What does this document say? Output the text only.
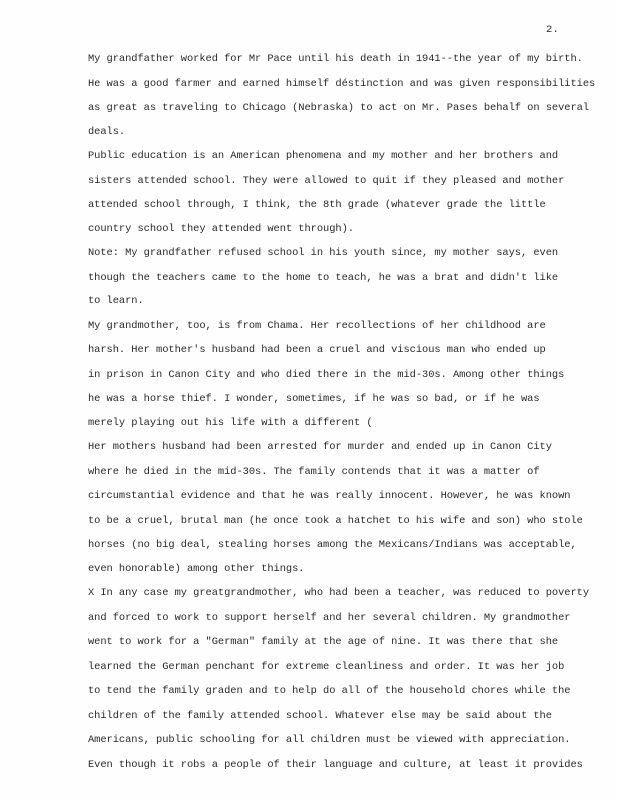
2.
My grandfather worked for Mr Pace until his death in 1941--the year of my birth.
He was a good farmer and earned himself déstinction and was given responsibilities
as great as traveling to Chicago (Nebraska) to act on Mr. Pases behalf on several
deals.
Public education is an American phenomena and my mother and her brothers and
sisters attended school. They were allowed to quit if they pleased and mother
attended school through, I think, the 8th grade (whatever grade the little
country school they attended went through).
Note: My grandfather refused school in his youth since, my mother says, even
though the teachers came to the home to teach, he was a brat and didn't like
to learn.
My grandmother, too, is from Chama. Her recollections of her childhood are
harsh. Her mother's husband had been a cruel and viscious man who ended up
in prison in Canon City and who died there in the mid-30s. Among other things
he was a horse thief. I wonder, sometimes, if he was so bad, or if he was
merely playing out his life with a different (
Her mothers husband had been arrested for murder and ended up in Canon City
where he died in the mid-30s. The family contends that it was a matter of
circumstantial evidence and that he was really innocent. However, he was known
to be a cruel, brutal man (he once took a hatchet to his wife and son) who stole
horses (no big deal, stealing horses among the Mexicans/Indians was acceptable,
even honorable) among other things.
X In any case my greatgrandmother, who had been a teacher, was reduced to poverty
and forced to work to support herself and her several children. My grandmother
went to work for a "German" family at the age of nine. It was there that she
learned the German penchant for extreme cleanliness and order. It was her job
to tend the family graden and to help do all of the household chores while the
children of the family attended school. Whatever else may be said about the
Americans, public schooling for all children must be viewed with appreciation.
Even though it robs a people of their language and culture, at least it provides
